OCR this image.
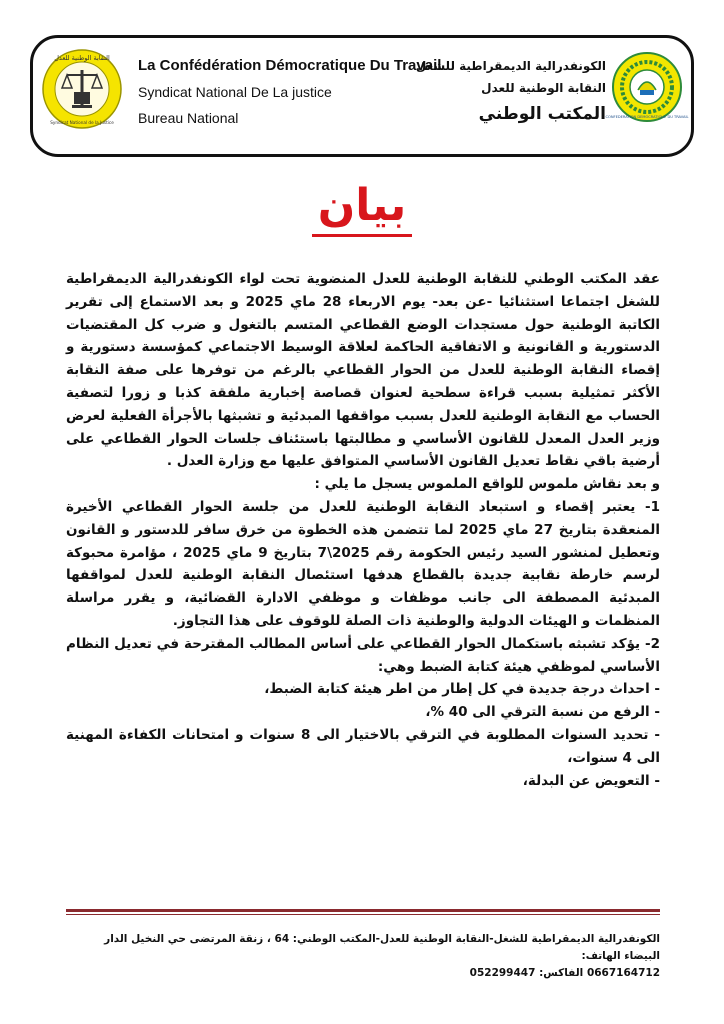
النقابة الوطنية للعدل
Syndicat National de la Justice
CONFEDERATION DEMOCRATIQUE DU TRAVAIL
La Confédération Démocratique Du Travail
Syndicat National De La justice
Bureau National
الكونفدرالية الديمقراطية للشغل
النقابة الوطنية للعدل
المكتب الوطني
بيان

عقد المكتب الوطني للنقابة الوطنية للعدل المنضوية تحت لواء الكونفدرالية الديمقراطية للشغل اجتماعا استثنائيا -عن بعد- يوم الاربعاء 28 ماي 2025 و بعد الاستماع إلى تقرير الكاتبة الوطنية حول مستجدات الوضع القطاعي المتسم بالتغول و ضرب كل المقتضيات الدستورية و القانونية و الاتفاقية الحاكمة لعلاقة الوسيط الاجتماعي كمؤسسة دستورية و إقصاء النقابة الوطنية للعدل من الحوار القطاعي بالرغم من توفرها على صفة النقابة الأكثر تمثيلية بسبب قراءة سطحية لعنوان قصاصة إخبارية ملفقة كذبا و زورا لتصفية الحساب مع النقابة الوطنية للعدل بسبب مواقفها المبدئية و تشبثها بالأجرأة الفعلية لعرض وزير العدل المعدل للقانون الأساسي و مطالبتها باستئناف جلسات الحوار القطاعي على أرضية باقي نقاط تعديل القانون الأساسي المتوافق عليها مع وزارة العدل .

و بعد نقاش ملموس للواقع الملموس يسجل ما يلي :

1- يعتبر إقصاء و استبعاد النقابة الوطنية للعدل من جلسة الحوار القطاعي الأخيرة المنعقدة بتاريخ 27 ماي 2025 لما تتضمن هذه الخطوة من خرق سافر للدستور و القانون وتعطيل لمنشور السيد رئيس الحكومة رقم 2025\7 بتاريخ 9 ماي 2025 ، مؤامرة محبوكة لرسم خارطة نقابية جديدة بالقطاع هدفها استئصال النقابة الوطنية للعدل لمواقفها المبدئية المصطفة الى جانب موظفات و موظفي الادارة القضائية، و يقرر مراسلة المنظمات و الهيئات الدولية والوطنية ذات الصلة للوقوف على هذا التجاوز.

2- يؤكد تشبثه باستكمال الحوار القطاعي على أساس المطالب المقترحة في تعديل النظام الأساسي لموظفي هيئة كتابة الضبط وهي:

- احداث درجة جديدة في كل إطار من اطر هيئة كتابة الضبط،

- الرفع من نسبة الترقي الى 40 %،

- تحديد السنوات المطلوبة في الترقي بالاختيار الى 8 سنوات و امتحانات الكفاءة المهنية الى 4 سنوات،

- التعويض عن البدلة،

الكونفدرالية الديمقراطية للشغل-النقابة الوطنية للعدل-المكتب الوطني: 64 ، زنقة المرتضى حي النخيل الدار البيضاء الهاتف:
0667164712 الفاكس: 052299447
